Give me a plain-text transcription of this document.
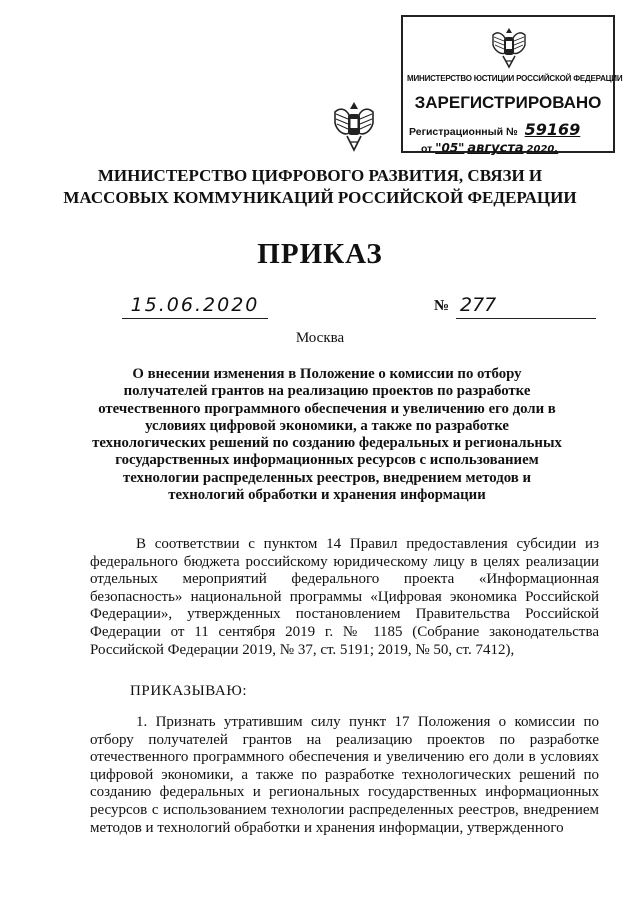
МИНИСТЕРСТВО ЮСТИЦИИ РОССИЙСКОЙ ФЕДЕРАЦИИ
ЗАРЕГИСТРИРОВАНО
Регистрационный № 59169
от "05" августа 2020.
МИНИСТЕРСТВО ЦИФРОВОГО РАЗВИТИЯ, СВЯЗИ И
МАССОВЫХ КОММУНИКАЦИЙ РОССИЙСКОЙ ФЕДЕРАЦИИ
ПРИКАЗ
15.06.2020	№ 277
Москва
О внесении изменения в Положение о комиссии по отбору получателей грантов на реализацию проектов по разработке отечественного программного обеспечения и увеличению его доли в условиях цифровой экономики, а также по разработке технологических решений по созданию федеральных и региональных государственных информационных ресурсов с использованием технологии распределенных реестров, внедрением методов и технологий обработки и хранения информации
В соответствии с пунктом 14 Правил предоставления субсидии из федерального бюджета российскому юридическому лицу в целях реализации отдельных мероприятий федерального проекта «Информационная безопасность» национальной программы «Цифровая экономика Российской Федерации», утвержденных постановлением Правительства Российской Федерации от 11 сентября 2019 г. № 1185 (Собрание законодательства Российской Федерации 2019, № 37, ст. 5191; 2019, № 50, ст. 7412),
ПРИКАЗЫВАЮ:
1. Признать утратившим силу пункт 17 Положения о комиссии по отбору получателей грантов на реализацию проектов по разработке отечественного программного обеспечения и увеличению его доли в условиях цифровой экономики, а также по разработке технологических решений по созданию федеральных и региональных государственных информационных ресурсов с использованием технологии распределенных реестров, внедрением методов и технологий обработки и хранения информации, утвержденного
